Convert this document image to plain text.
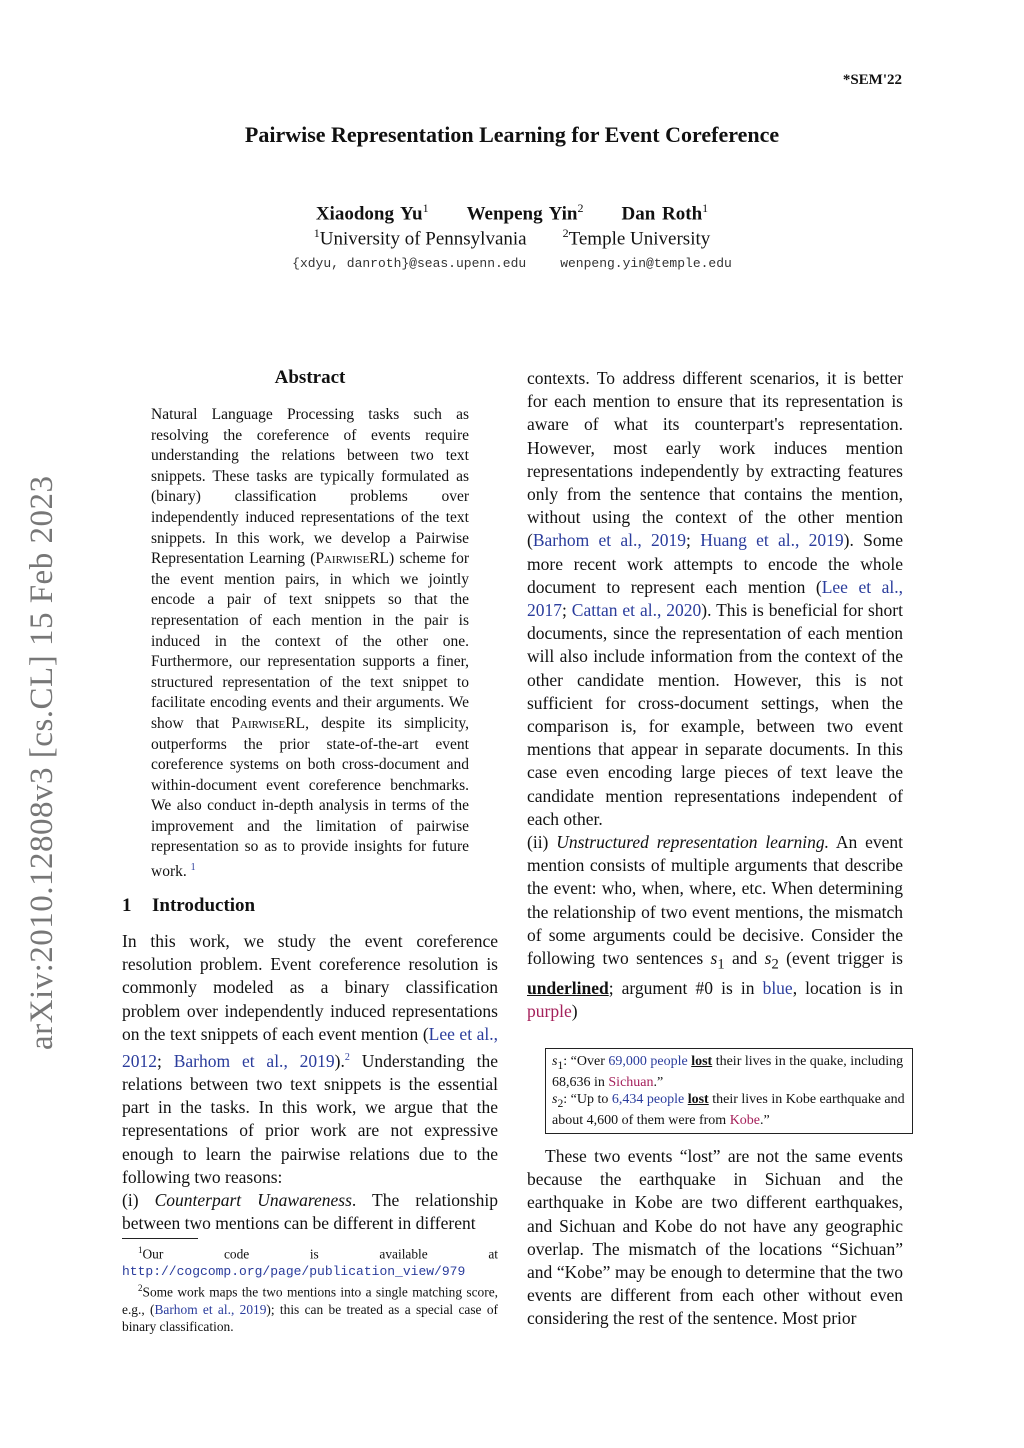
*SEM'22
Pairwise Representation Learning for Event Coreference
Xiaodong Yu$^1$ Wenpeng Yin$^2$ Dan Roth$^1$
$^1$University of Pennsylvania	$^2$Temple University
{xdyu, danroth}@seas.upenn.edu	wenpeng.yin@temple.edu
arXiv:2010.12808v3 [cs.CL] 15 Feb 2023
Abstract
Natural Language Processing tasks such as resolving the coreference of events require understanding the relations between two text snippets. These tasks are typically formulated as (binary) classification problems over independently induced representations of the text snippets. In this work, we develop a Pairwise Representation Learning (PairwiseRL) scheme for the event mention pairs, in which we jointly encode a pair of text snippets so that the representation of each mention in the pair is induced in the context of the other one. Furthermore, our representation supports a finer, structured representation of the text snippet to facilitate encoding events and their arguments. We show that PairwiseRL, despite its simplicity, outperforms the prior state-of-the-art event coreference systems on both cross-document and within-document event coreference benchmarks. We also conduct in-depth analysis in terms of the improvement and the limitation of pairwise representation so as to provide insights for future work. $^1$
1 Introduction

In this work, we study the event coreference resolution problem. Event coreference resolution is commonly modeled as a binary classification problem over independently induced representations on the text snippets of each event mention (Lee et al., 2012; Barhom et al., 2019).$^2$ Understanding the relations between two text snippets is the essential part in the tasks. In this work, we argue that the representations of prior work are not expressive enough to learn the pairwise relations due to the following two reasons:

(i) Counterpart Unawareness. The relationship between two mentions can be different in different

contexts. To address different scenarios, it is better for each mention to ensure that its representation is aware of what its counterpart's representation. However, most early work induces mention representations independently by extracting features only from the sentence that contains the mention, without using the context of the other mention (Barhom et al., 2019; Huang et al., 2019). Some more recent work attempts to encode the whole document to represent each mention (Lee et al., 2017; Cattan et al., 2020). This is beneficial for short documents, since the representation of each mention will also include information from the context of the other candidate mention. However, this is not sufficient for cross-document settings, when the comparison is, for example, between two event mentions that appear in separate documents. In this case even encoding large pieces of text leave the candidate mention representations independent of each other.

(ii) Unstructured representation learning. An event mention consists of multiple arguments that describe the event: who, when, where, etc. When determining the relationship of two event mentions, the mismatch of some arguments could be decisive. Consider the following two sentences $s_1$ and $s_2$ (event trigger is underlined; argument #0 is in blue, location is in purple)

$s_1$: “Over 69,000 people lost their lives in the quake, including 68,636 in Sichuan.”
$s_2$: “Up to 6,434 people lost their lives in Kobe earthquake and about 4,600 of them were from Kobe.”

These two events “lost” are not the same events because the earthquake in Sichuan and the earthquake in Kobe are two different earthquakes, and Sichuan and Kobe do not have any geographic overlap. The mismatch of the locations “Sichuan” and “Kobe” may be enough to determine that the two events are different from each other without even considering the rest of the sentence. Most prior

$^1$Our code is available at http://cogcomp.org/page/publication_view/979

$^2$Some work maps the two mentions into a single matching score, e.g., (Barhom et al., 2019); this can be treated as a special case of binary classification.
